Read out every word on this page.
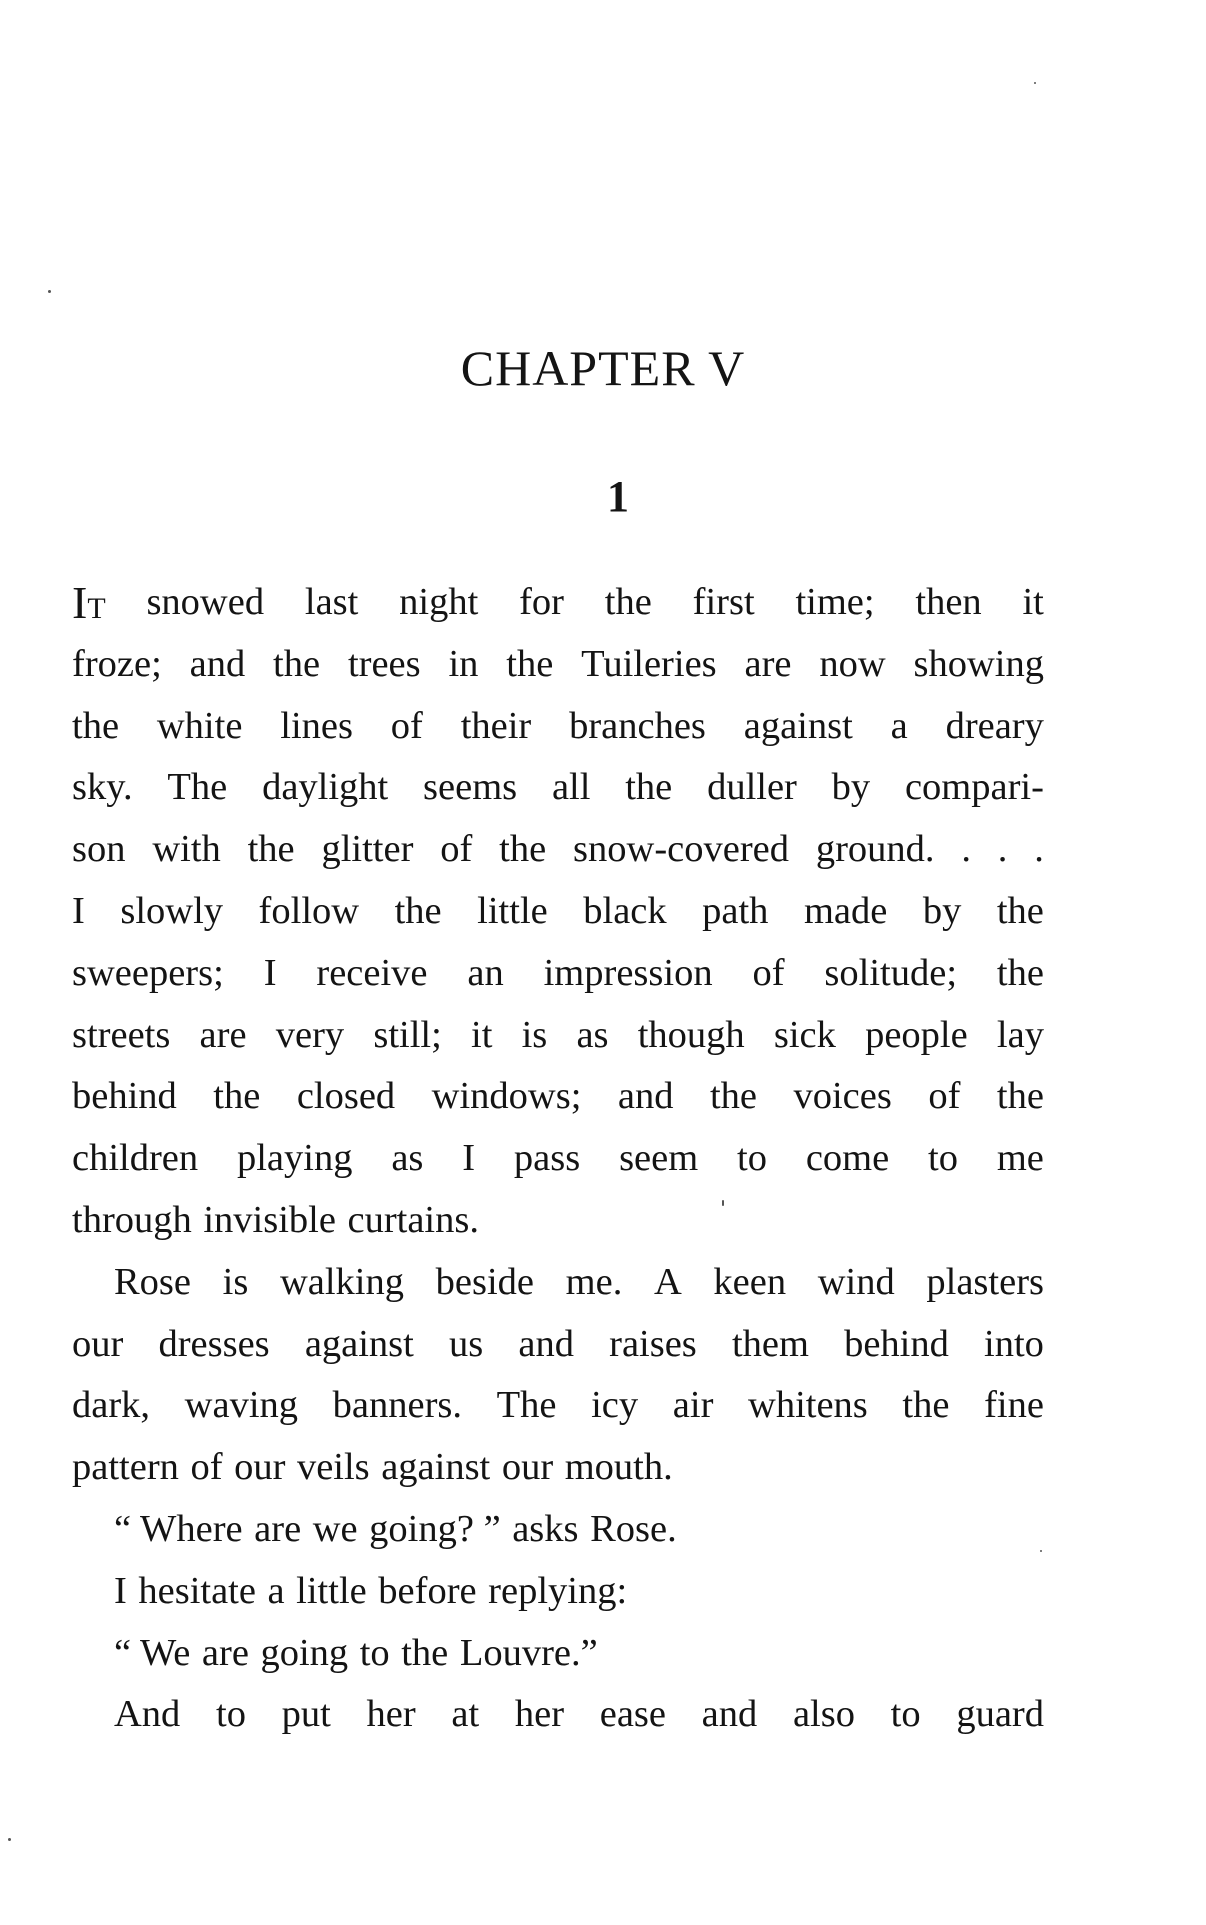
CHAPTER V
1
IT snowed last night for the first time; then it
froze; and the trees in the Tuileries are now showing
the white lines of their branches against a dreary
sky. The daylight seems all the duller by compari-
son with the glitter of the snow-covered ground. . . .
I slowly follow the little black path made by the
sweepers; I receive an impression of solitude; the
streets are very still; it is as though sick people lay
behind the closed windows; and the voices of the
children playing as I pass seem to come to me
through invisible curtains.
Rose is walking beside me. A keen wind plasters
our dresses against us and raises them behind into
dark, waving banners. The icy air whitens the fine
pattern of our veils against our mouth.
“ Where are we going? ” asks Rose.
I hesitate a little before replying:
“ We are going to the Louvre.”
And to put her at her ease and also to guard
